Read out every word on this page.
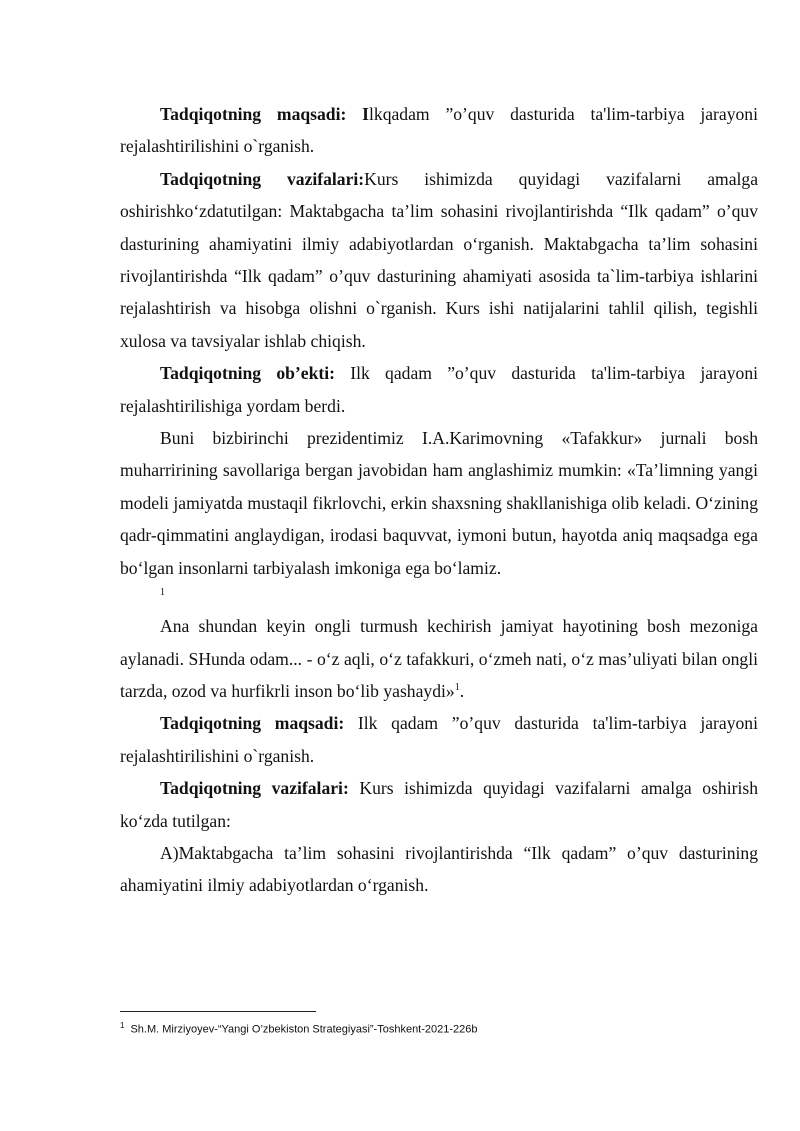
Tadqiqotning maqsadi: Ilkqadam ”o’quv dasturida ta'lim-tarbiya jarayoni rejalashtirilishini o`rganish.

Tadqiqotning vazifalari:Kurs ishimizda quyidagi vazifalarni amalga oshirishko‘zdatutilgan: Maktabgacha ta’lim sohasini rivojlantirishda “Ilk qadam” o’quv dasturining ahamiyatini ilmiy adabiyotlardan o‘rganish. Maktabgacha ta’lim sohasini rivojlantirishda “Ilk qadam” o’quv dasturining ahamiyati asosida ta`lim-tarbiya ishlarini rejalashtirish va hisobga olishni o`rganish. Kurs ishi natijalarini tahlil qilish, tegishli xulosa va tavsiyalar ishlab chiqish.

Tadqiqotning ob’ekti: Ilk qadam ”o’quv dasturida ta'lim-tarbiya jarayoni rejalashtirilishiga yordam berdi.

Buni bizbirinchi prezidentimiz I.A.Karimovning «Tafakkur» jurnali bosh muharririning savollariga bergan javobidan ham anglashimiz mumkin: «Ta’limning yangi modeli jamiyatda mustaqil fikrlovchi, erkin shaxsning shakllanishiga olib keladi. O‘zining qadr-qimmatini anglaydigan, irodasi baquvvat, iymoni butun, hayotda aniq maqsadga ega bo‘lgan insonlarni tarbiyalash imkoniga ega bo‘lamiz.

1

Ana shundan keyin ongli turmush kechirish jamiyat hayotining bosh mezoniga aylanadi. SHunda odam... - o‘z aqli, o‘z tafakkuri, o‘zmeh nati, o‘z mas’uliyati bilan ongli tarzda, ozod va hurfikrli inson bo‘lib yashaydi»$^1$.

Tadqiqotning maqsadi: Ilk qadam ”o’quv dasturida ta'lim-tarbiya jarayoni rejalashtirilishini o`rganish.

Tadqiqotning vazifalari: Kurs ishimizda quyidagi vazifalarni amalga oshirish ko‘zda tutilgan:

A)Maktabgacha ta’lim sohasini rivojlantirishda “Ilk qadam” o’quv dasturining ahamiyatini ilmiy adabiyotlardan o‘rganish.

$^1$ Sh.M. Mirziyoyev-“Yangi O’zbekiston Strategiyasi”-Toshkent-2021-226b
